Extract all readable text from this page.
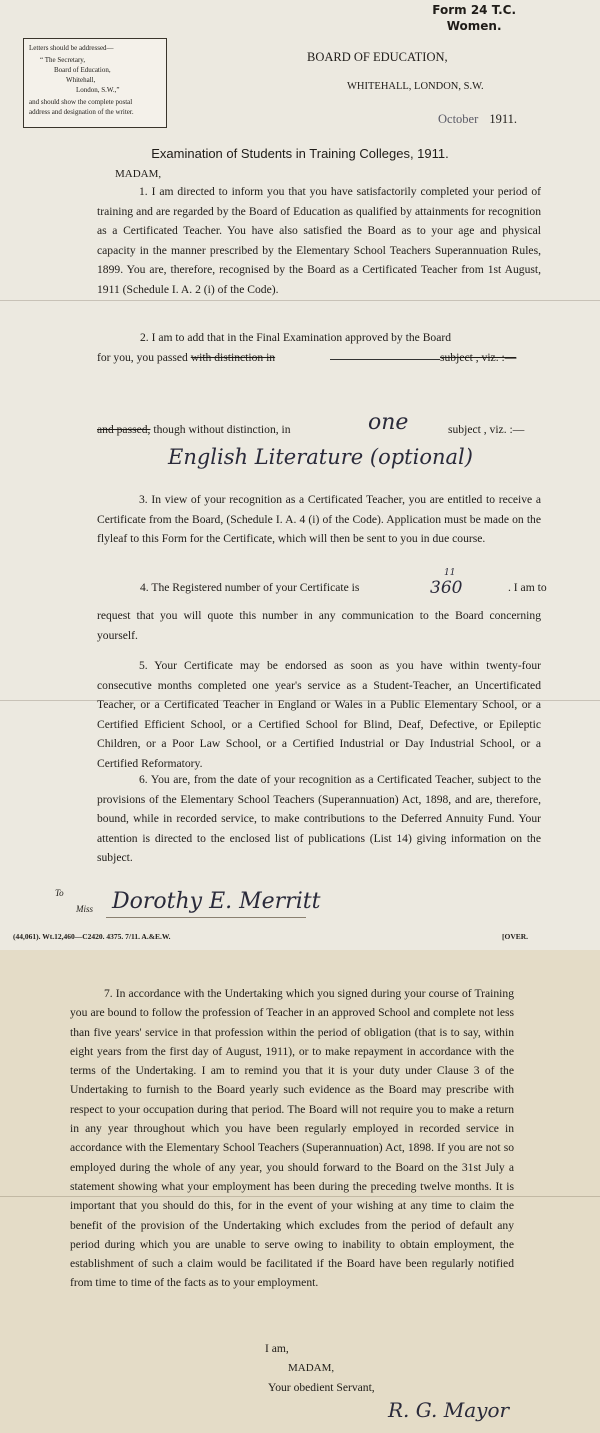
Form 24 T.C.
Women.
Letters should be addressed—
“ The Secretary,
Board of Education,
Whitehall,
London, S.W.,”
and should show the complete postal
address and designation of the writer.
BOARD OF EDUCATION,
WHITEHALL, LONDON, S.W.
October 1911.
Examination of Students in Training Colleges, 1911.
MADAM,
1. I am directed to inform you that you have satisfactorily completed your period of training and are regarded by the Board of Education as qualified by attainments for recognition as a Certificated Teacher. You have also satisfied the Board as to your age and physical capacity in the manner prescribed by the Elementary School Teachers Superannuation Rules, 1899. You are, therefore, recognised by the Board as a Certificated Teacher from 1st August, 1911 (Schedule I. A. 2 (i) of the Code).
2. I am to add that in the Final Examination approved by the Board
for you, you passed with distinction in	subject , viz. :—
and passed, though without distinction, in	one	subject , viz. :—
English Literature (optional)
3. In view of your recognition as a Certificated Teacher, you are entitled to receive a Certificate from the Board, (Schedule I. A. 4 (i) of the Code). Application must be made on the flyleaf to this Form for the Certificate, which will then be sent to you in due course.
4. The Registered number of your Certificate is
11
360	. I am to
request that you will quote this number in any communication to the Board concerning yourself.
5. Your Certificate may be endorsed as soon as you have within twenty-four consecutive months completed one year's service as a Student-Teacher, an Uncertificated Teacher, or a Certificated Teacher in England or Wales in a Public Elementary School, or a Certified Efficient School, or a Certified School for Blind, Deaf, Defective, or Epileptic Children, or a Poor Law School, or a Certified Industrial or Day Industrial School, or a Certified Reformatory.
6. You are, from the date of your recognition as a Certificated Teacher, subject to the provisions of the Elementary School Teachers (Superannuation) Act, 1898, and are, therefore, bound, while in recorded service, to make contributions to the Deferred Annuity Fund. Your attention is directed to the enclosed list of publications (List 14) giving information on the subject.
To
Miss Dorothy E. Merritt
(44,061). Wt.12,460—C2420. 4375. 7/11. A.&E.W.	[OVER.
7. In accordance with the Undertaking which you signed during your course of Training you are bound to follow the profession of Teacher in an approved School and complete not less than five years' service in that profession within the period of obligation (that is to say, within eight years from the first day of August, 1911), or to make repayment in accordance with the terms of the Undertaking. I am to remind you that it is your duty under Clause 3 of the Undertaking to furnish to the Board yearly such evidence as the Board may prescribe with respect to your occupation during that period. The Board will not require you to make a return in any year throughout which you have been regularly employed in recorded service in accordance with the Elementary School Teachers (Superannuation) Act, 1898. If you are not so employed during the whole of any year, you should forward to the Board on the 31st July a statement showing what your employment has been during the preceding twelve months. It is important that you should do this, for in the event of your wishing at any time to claim the benefit of the provision of the Undertaking which excludes from the period of default any period during which you are unable to serve owing to inability to obtain employment, the establishment of such a claim would be facilitated if the Board have been regularly notified from time to time of the facts as to your employment.
I am,
MADAM,
Your obedient Servant,
R. G. Mayor
